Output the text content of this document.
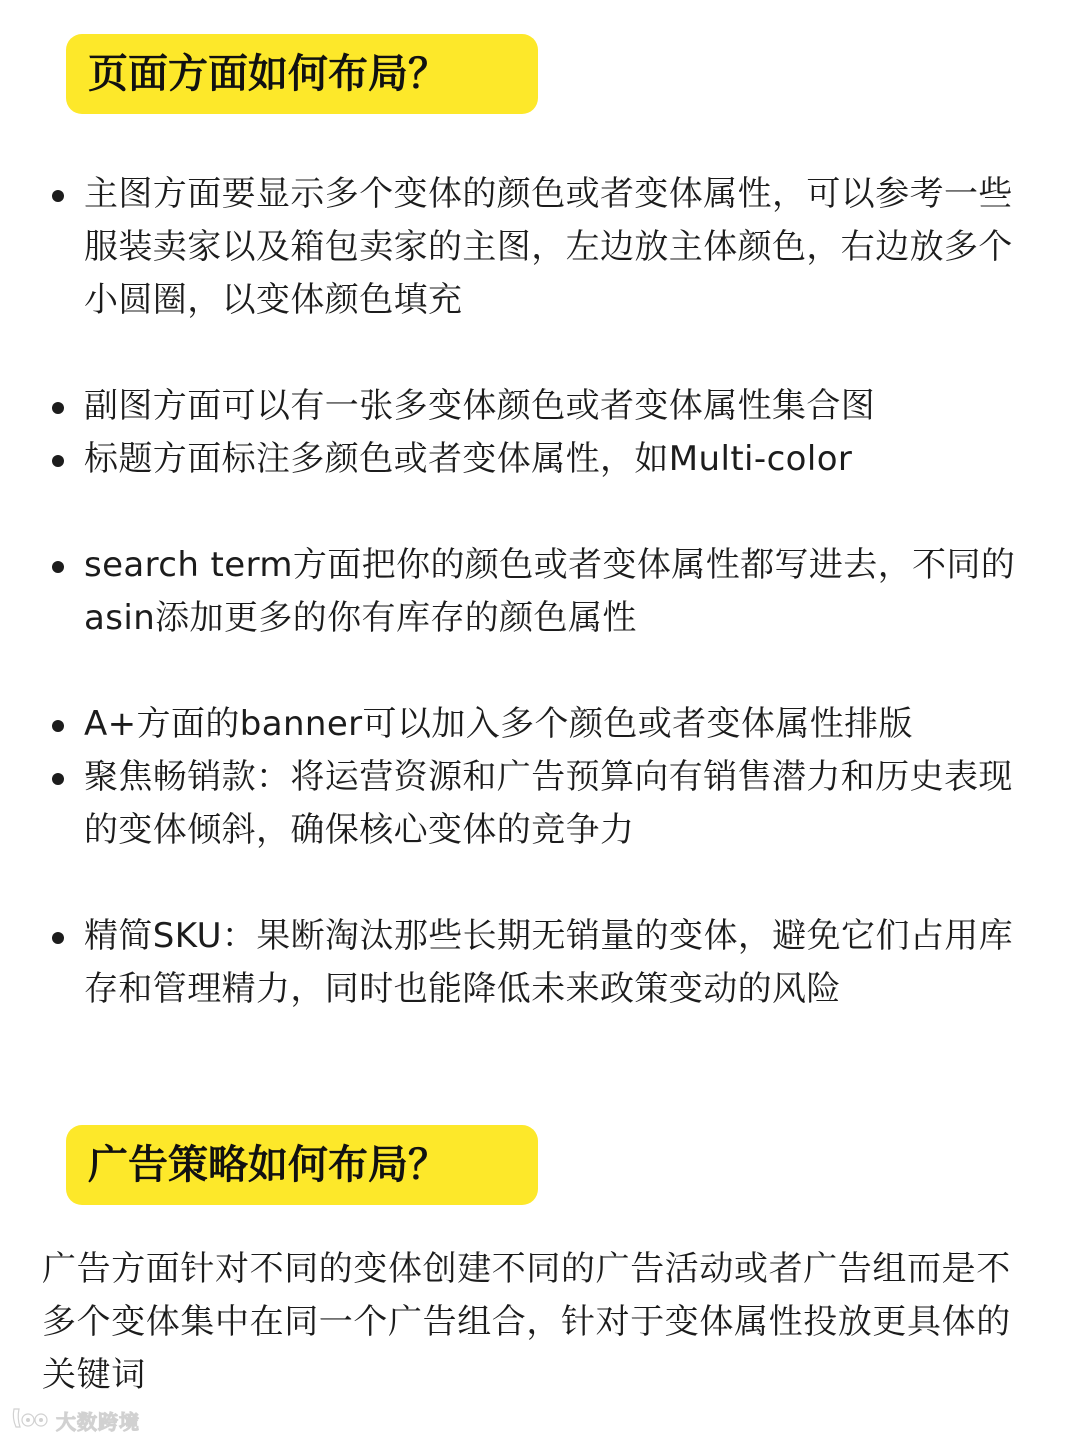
页面方面如何布局？
主图方面要显示多个变体的颜色或者变体属性，可以参考一些服装卖家以及箱包卖家的主图，左边放主体颜色，右边放多个小圆圈，以变体颜色填充
副图方面可以有一张多变体颜色或者变体属性集合图
标题方面标注多颜色或者变体属性，如Multi-color
search term方面把你的颜色或者变体属性都写进去，不同的asin添加更多的你有库存的颜色属性
A+方面的banner可以加入多个颜色或者变体属性排版
聚焦畅销款：将运营资源和广告预算向有销售潜力和历史表现的变体倾斜，确保核心变体的竞争力
精简SKU：果断淘汰那些长期无销量的变体，避免它们占用库存和管理精力，同时也能降低未来政策变动的风险
广告策略如何布局？

广告方面针对不同的变体创建不同的广告活动或者广告组而是不多个变体集中在同一个广告组合，针对于变体属性投放更具体的关键词

大数跨境
